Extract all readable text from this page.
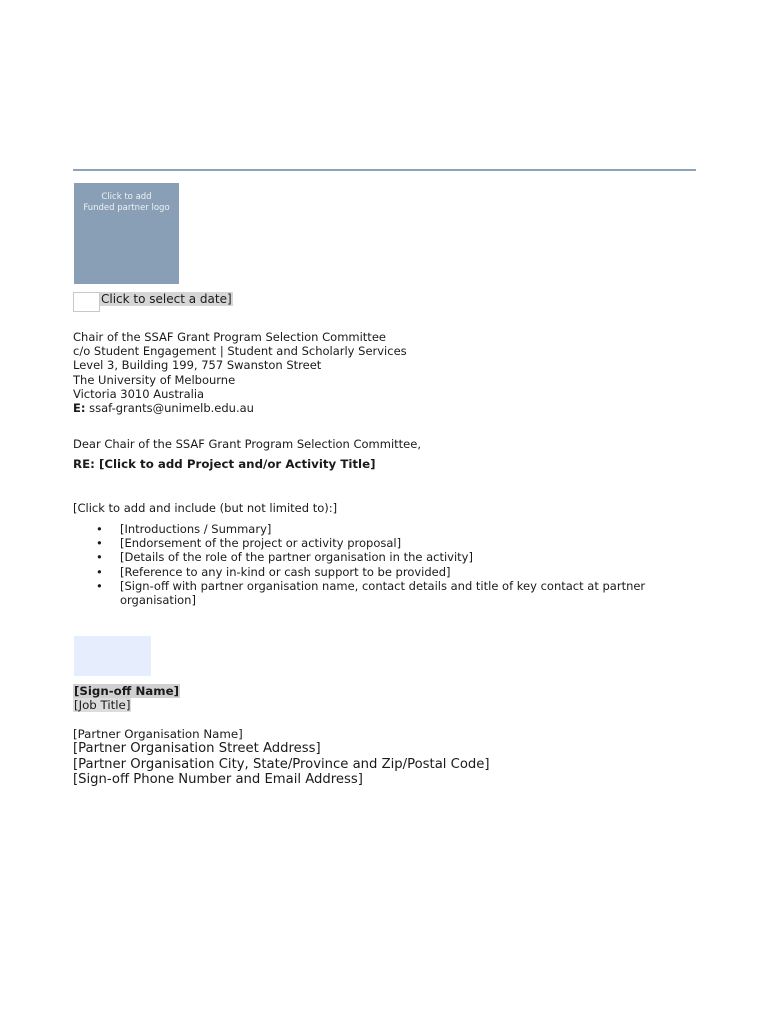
Click to add
Funded partner logo
Click to select a date]
Chair of the SSAF Grant Program Selection Committee
c/o Student Engagement | Student and Scholarly Services
Level 3, Building 199, 757 Swanston Street
The University of Melbourne
Victoria 3010 Australia
E: ssaf-grants@unimelb.edu.au
Dear Chair of the SSAF Grant Program Selection Committee,
RE: [Click to add Project and/or Activity Title]
[Click to add and include (but not limited to):]
• [Introductions / Summary]
• [Endorsement of the project or activity proposal]
• [Details of the role of the partner organisation in the activity]
• [Reference to any in-kind or cash support to be provided]
• [Sign-off with partner organisation name, contact details and title of key contact at partner organisation]
[Sign-off Name]
[Job Title]
[Partner Organisation Name]
[Partner Organisation Street Address]
[Partner Organisation City, State/Province and Zip/Postal Code]
[Sign-off Phone Number and Email Address]
